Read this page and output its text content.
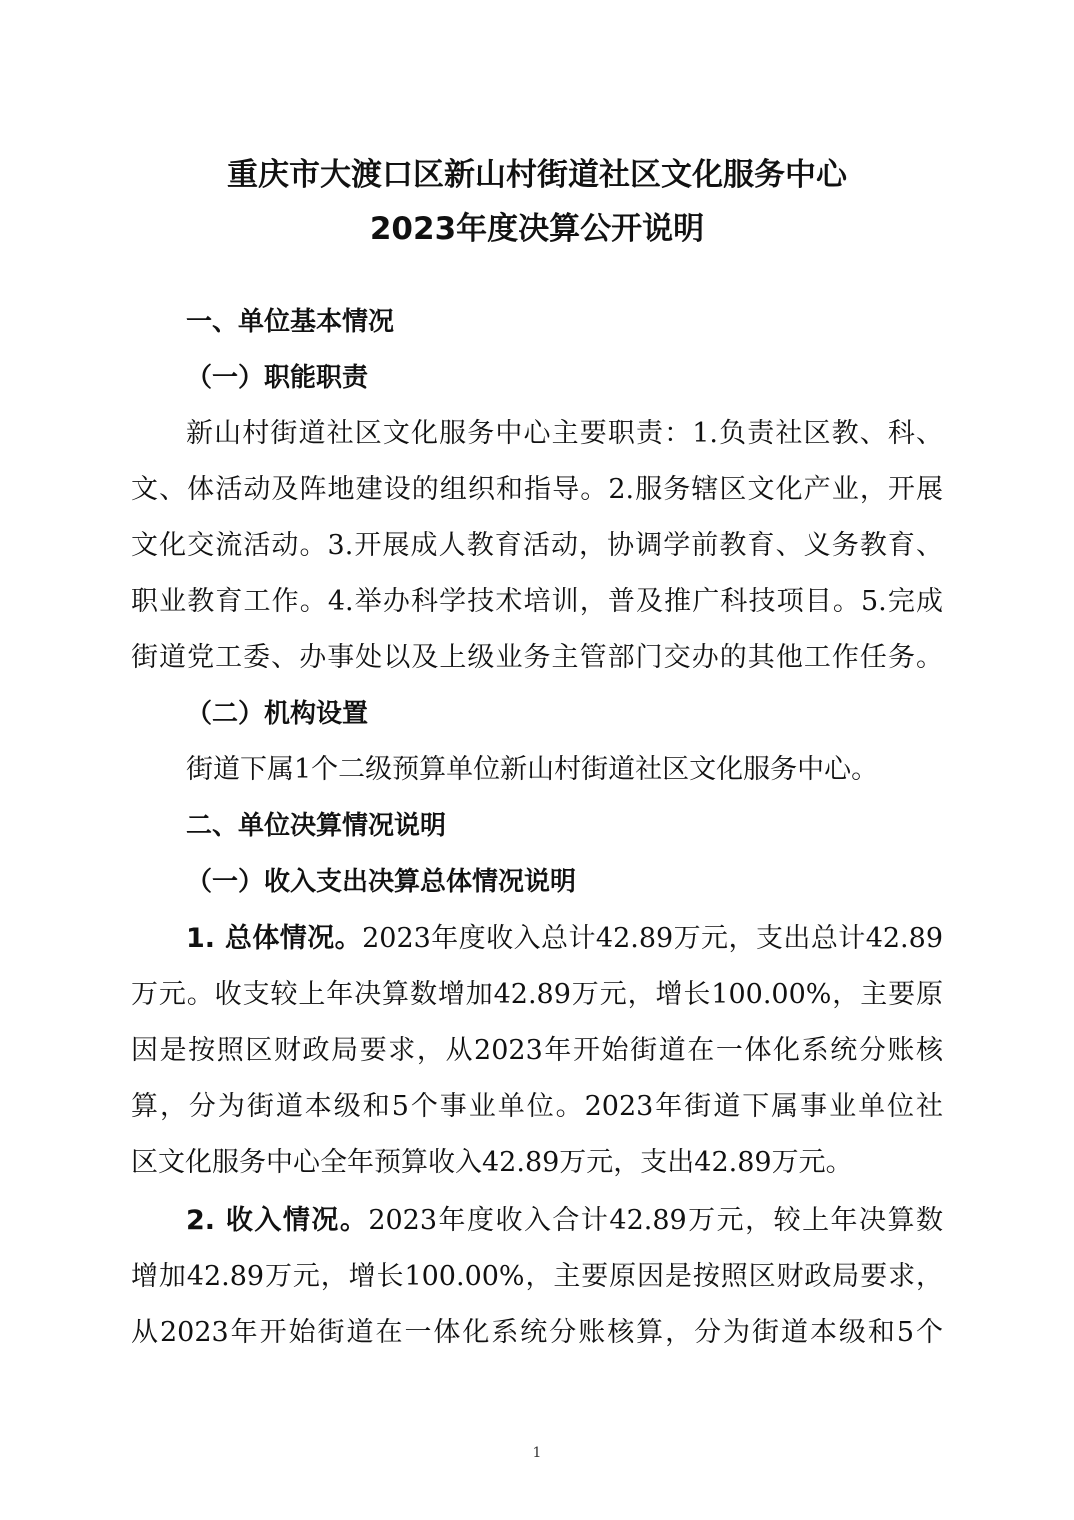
重庆市大渡口区新山村街道社区文化服务中心
2023年度决算公开说明
一、单位基本情况
（一）职能职责
新山村街道社区文化服务中心主要职责：1.负责社区教、科、
文、体活动及阵地建设的组织和指导。2.服务辖区文化产业，开展
文化交流活动。3.开展成人教育活动，协调学前教育、义务教育、
职业教育工作。4.举办科学技术培训，普及推广科技项目。5.完成
街道党工委、办事处以及上级业务主管部门交办的其他工作任务。
（二）机构设置
街道下属1个二级预算单位新山村街道社区文化服务中心。
二、单位决算情况说明
（一）收入支出决算总体情况说明
1. 总体情况。2023年度收入总计42.89万元，支出总计42.89
万元。收支较上年决算数增加42.89万元，增长100.00%，主要原
因是按照区财政局要求，从2023年开始街道在一体化系统分账核
算，分为街道本级和5个事业单位。2023年街道下属事业单位社
区文化服务中心全年预算收入42.89万元，支出42.89万元。
2. 收入情况。2023年度收入合计42.89万元，较上年决算数
增加42.89万元，增长100.00%，主要原因是按照区财政局要求，
从2023年开始街道在一体化系统分账核算，分为街道本级和5个
1
